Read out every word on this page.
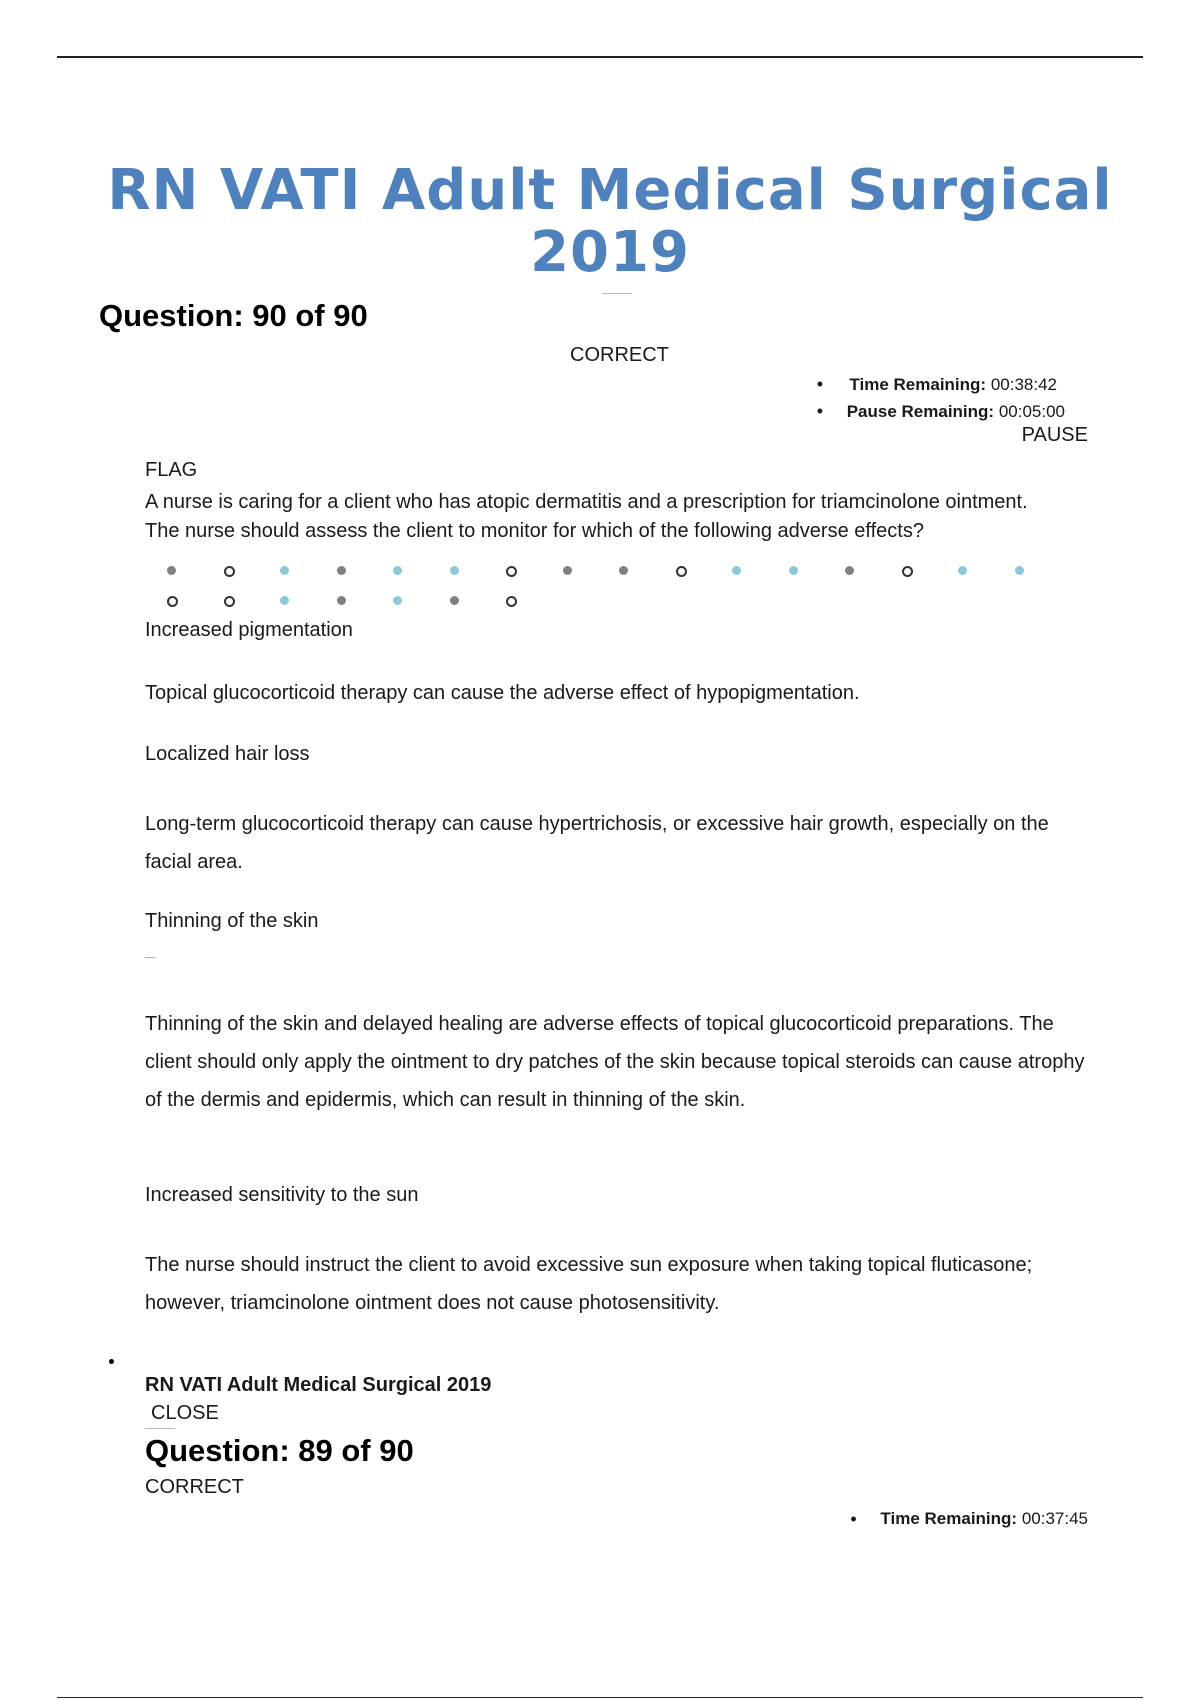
RN VATI Adult Medical Surgical 2019
Question: 90 of 90
CORRECT
• Time Remaining: 00:38:42
• Pause Remaining: 00:05:00
PAUSE
FLAG
A nurse is caring for a client who has atopic dermatitis and a prescription for triamcinolone ointment. The nurse should assess the client to monitor for which of the following adverse effects?
Increased pigmentation
Topical glucocorticoid therapy can cause the adverse effect of hypopigmentation.
Localized hair loss
Long-term glucocorticoid therapy can cause hypertrichosis, or excessive hair growth, especially on the facial area.
Thinning of the skin
Thinning of the skin and delayed healing are adverse effects of topical glucocorticoid preparations. The client should only apply the ointment to dry patches of the skin because topical steroids can cause atrophy of the dermis and epidermis, which can result in thinning of the skin.
Increased sensitivity to the sun
The nurse should instruct the client to avoid excessive sun exposure when taking topical fluticasone; however, triamcinolone ointment does not cause photosensitivity.
RN VATI Adult Medical Surgical 2019
CLOSE
Question: 89 of 90
CORRECT
• Time Remaining: 00:37:45
